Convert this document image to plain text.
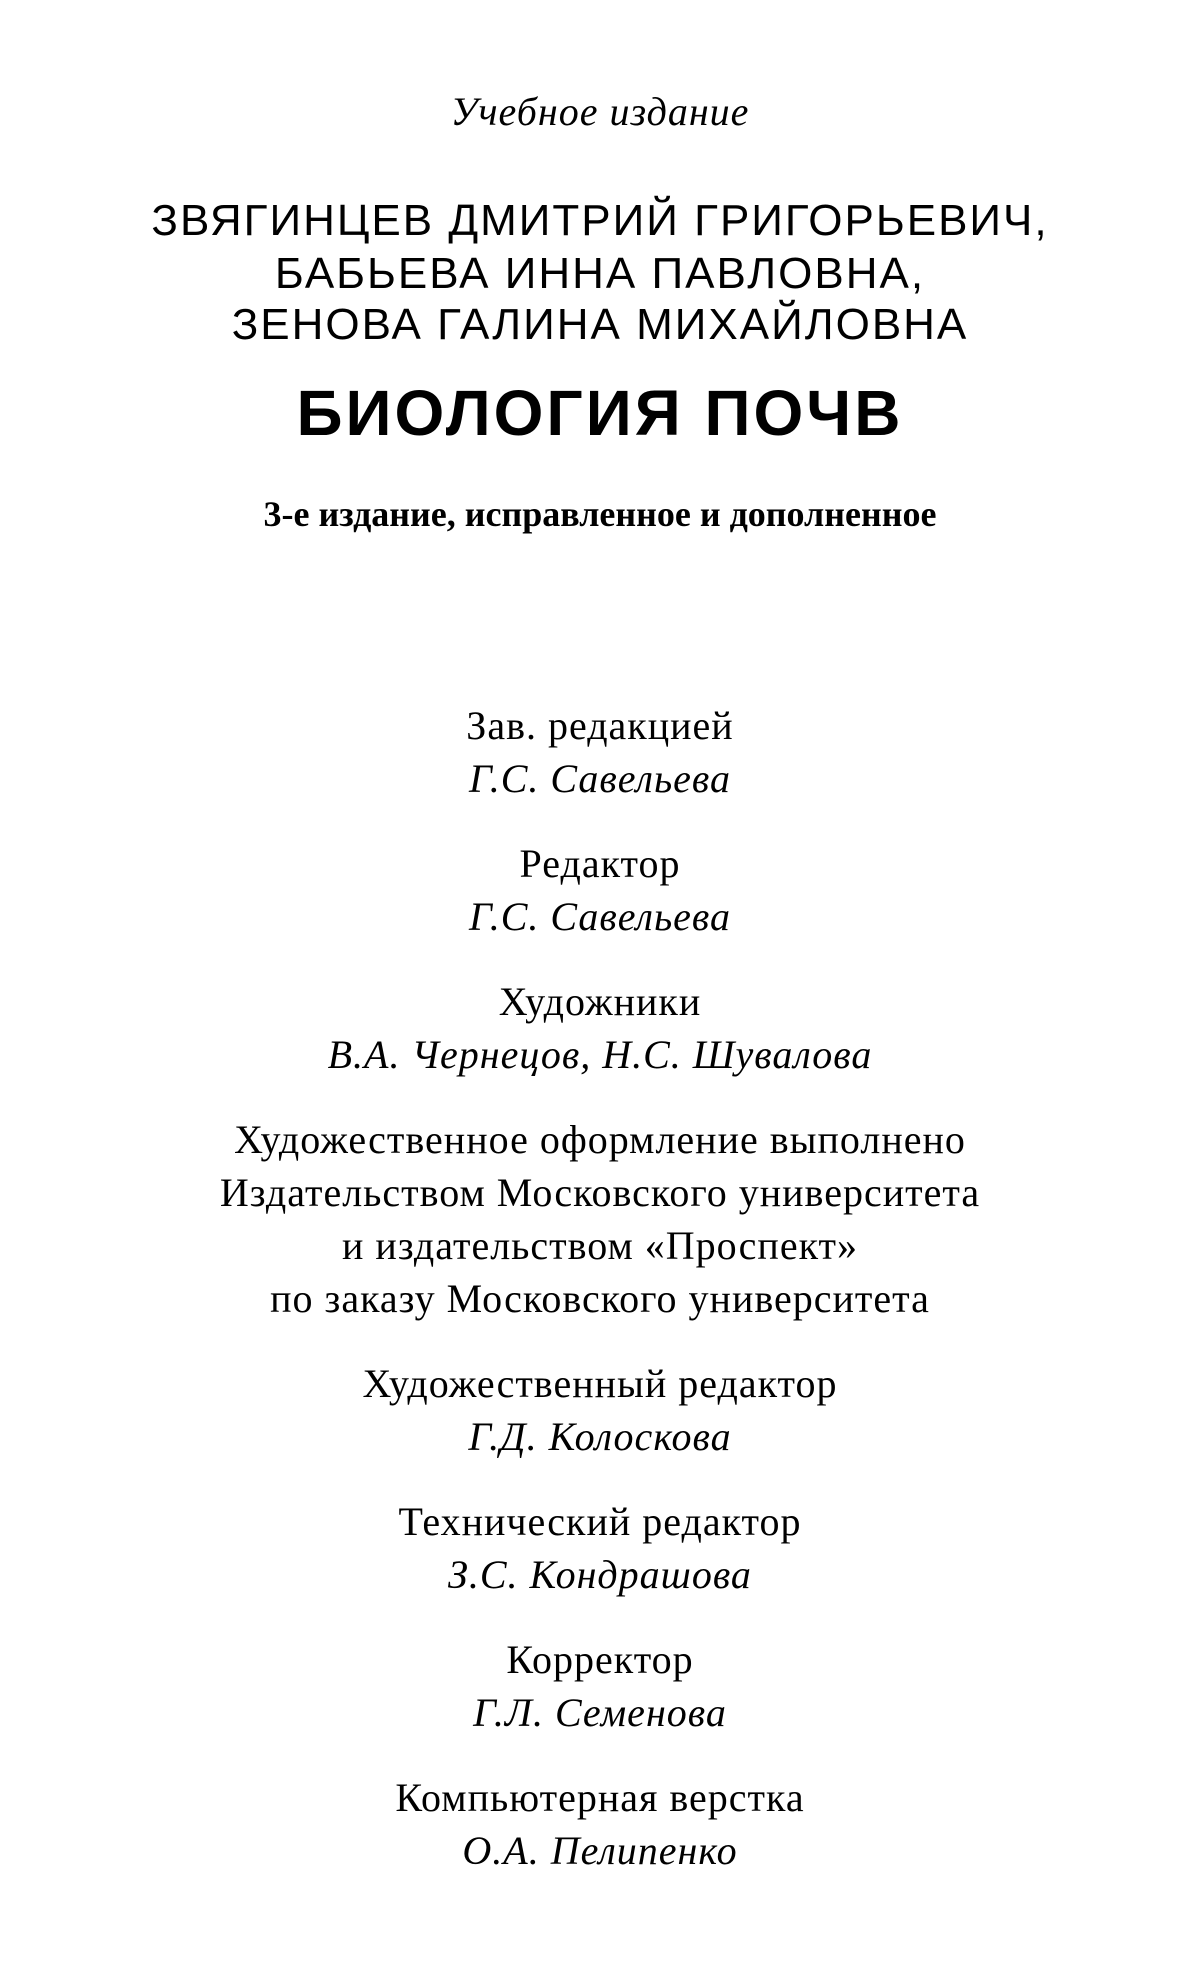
Учебное издание
ЗВЯГИНЦЕВ ДМИТРИЙ ГРИГОРЬЕВИЧ,
БАБЬЕВА ИННА ПАВЛОВНА,
ЗЕНОВА ГАЛИНА МИХАЙЛОВНА
БИОЛОГИЯ ПОЧВ
3-е издание, исправленное и дополненное
Зав. редакцией
Г.С. Савельева
Редактор
Г.С. Савельева
Художники
В.А. Чернецов, Н.С. Шувалова
Художественное оформление выполнено
Издательством Московского университета
и издательством «Проспект»
по заказу Московского университета
Художественный редактор
Г.Д. Колоскова
Технический редактор
З.С. Кондрашова
Корректор
Г.Л. Семенова
Компьютерная верстка
О.А. Пелипенко
